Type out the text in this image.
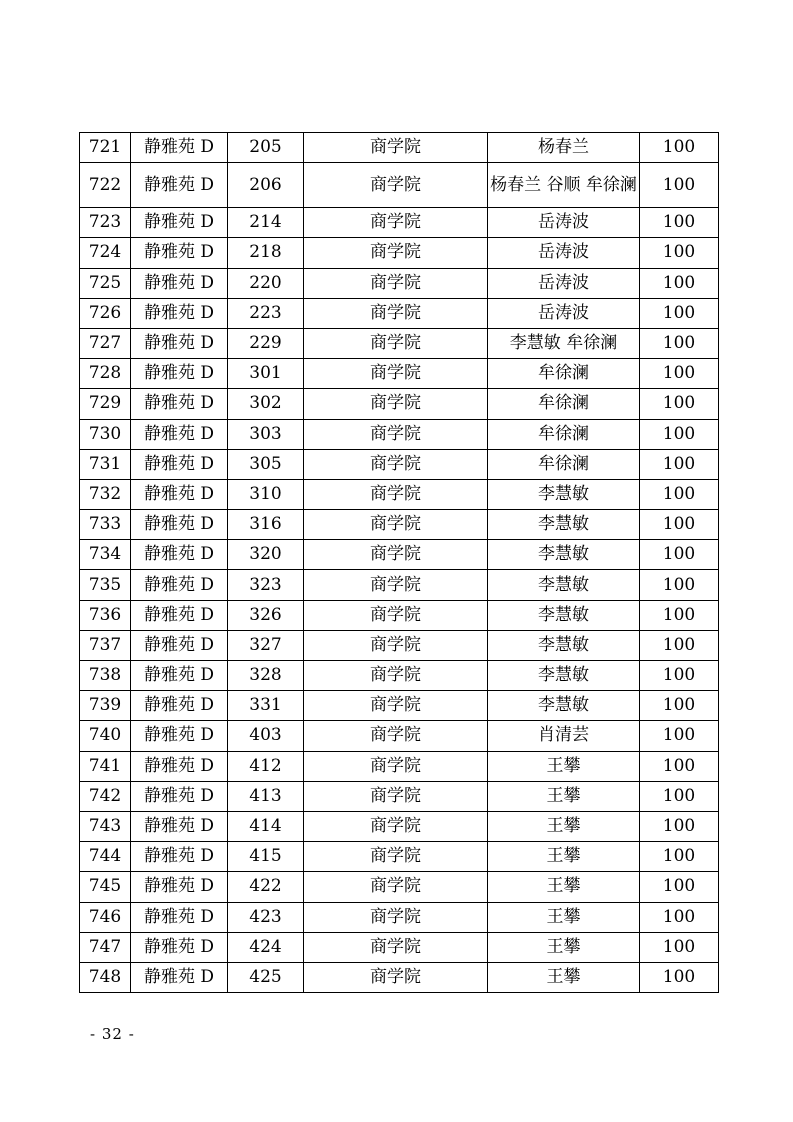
721	静雅苑 D	205	商学院	杨春兰	100
722	静雅苑 D	206	商学院	杨春兰 谷顺 牟徐澜	100
723	静雅苑 D	214	商学院	岳涛波	100
724	静雅苑 D	218	商学院	岳涛波	100
725	静雅苑 D	220	商学院	岳涛波	100
726	静雅苑 D	223	商学院	岳涛波	100
727	静雅苑 D	229	商学院	李慧敏 牟徐澜	100
728	静雅苑 D	301	商学院	牟徐澜	100
729	静雅苑 D	302	商学院	牟徐澜	100
730	静雅苑 D	303	商学院	牟徐澜	100
731	静雅苑 D	305	商学院	牟徐澜	100
732	静雅苑 D	310	商学院	李慧敏	100
733	静雅苑 D	316	商学院	李慧敏	100
734	静雅苑 D	320	商学院	李慧敏	100
735	静雅苑 D	323	商学院	李慧敏	100
736	静雅苑 D	326	商学院	李慧敏	100
737	静雅苑 D	327	商学院	李慧敏	100
738	静雅苑 D	328	商学院	李慧敏	100
739	静雅苑 D	331	商学院	李慧敏	100
740	静雅苑 D	403	商学院	肖清芸	100
741	静雅苑 D	412	商学院	王攀	100
742	静雅苑 D	413	商学院	王攀	100
743	静雅苑 D	414	商学院	王攀	100
744	静雅苑 D	415	商学院	王攀	100
745	静雅苑 D	422	商学院	王攀	100
746	静雅苑 D	423	商学院	王攀	100
747	静雅苑 D	424	商学院	王攀	100
748	静雅苑 D	425	商学院	王攀	100
- 32 -
